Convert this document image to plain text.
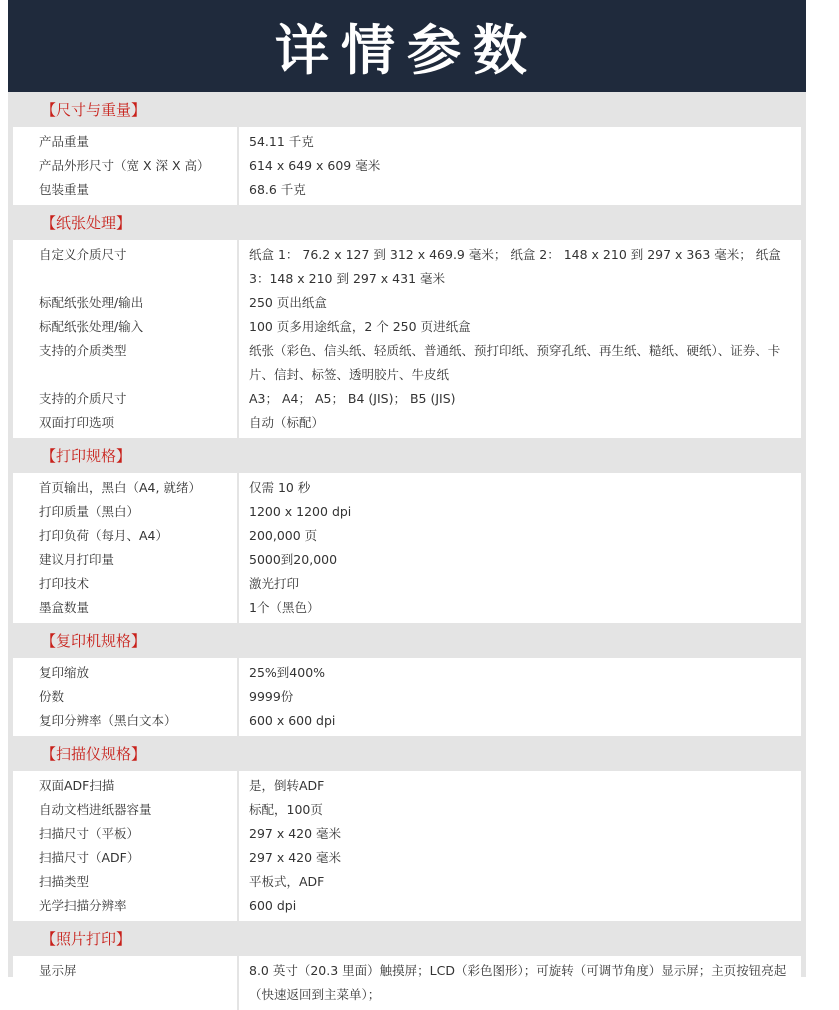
详情参数
【尺寸与重量】
产品重量	54.11 千克
产品外形尺寸（宽 X 深 X 高）	614 x 649 x 609 毫米
包装重量	68.6 千克
【纸张处理】
自定义介质尺寸	纸盒 1： 76.2 x 127 到 312 x 469.9 毫米； 纸盒 2： 148 x 210 到 297 x 363 毫米； 纸盒 3：148 x 210 到 297 x 431 毫米
标配纸张处理/输出	250 页出纸盒
标配纸张处理/输入	100 页多用途纸盒，2 个 250 页进纸盒
支持的介质类型	纸张（彩色、信头纸、轻质纸、普通纸、预打印纸、预穿孔纸、再生纸、糙纸、硬纸）、证券、卡片、信封、标签、透明胶片、牛皮纸
支持的介质尺寸	A3； A4； A5； B4 (JIS)； B5 (JIS)
双面打印选项	自动（标配）
【打印规格】
首页输出，黑白（A4, 就绪）	仅需 10 秒
打印质量（黑白）	1200 x 1200 dpi
打印负荷（每月、A4）	200,000 页
建议月打印量	5000到20,000
打印技术	激光打印
墨盒数量	1个（黑色）
【复印机规格】
复印缩放	25%到400%
份数	9999份
复印分辨率（黑白文本）	600 x 600 dpi
【扫描仪规格】
双面ADF扫描	是，倒转ADF
自动文档进纸器容量	标配，100页
扫描尺寸（平板）	297 x 420 毫米
扫描尺寸（ADF）	297 x 420 毫米
扫描类型	平板式，ADF
光学扫描分辨率	600 dpi
【照片打印】
显示屏	8.0 英寸（20.3 里面）触摸屏；LCD（彩色图形）；可旋转（可调节角度）显示屏；主页按钮亮起（快速返回到主菜单）；
